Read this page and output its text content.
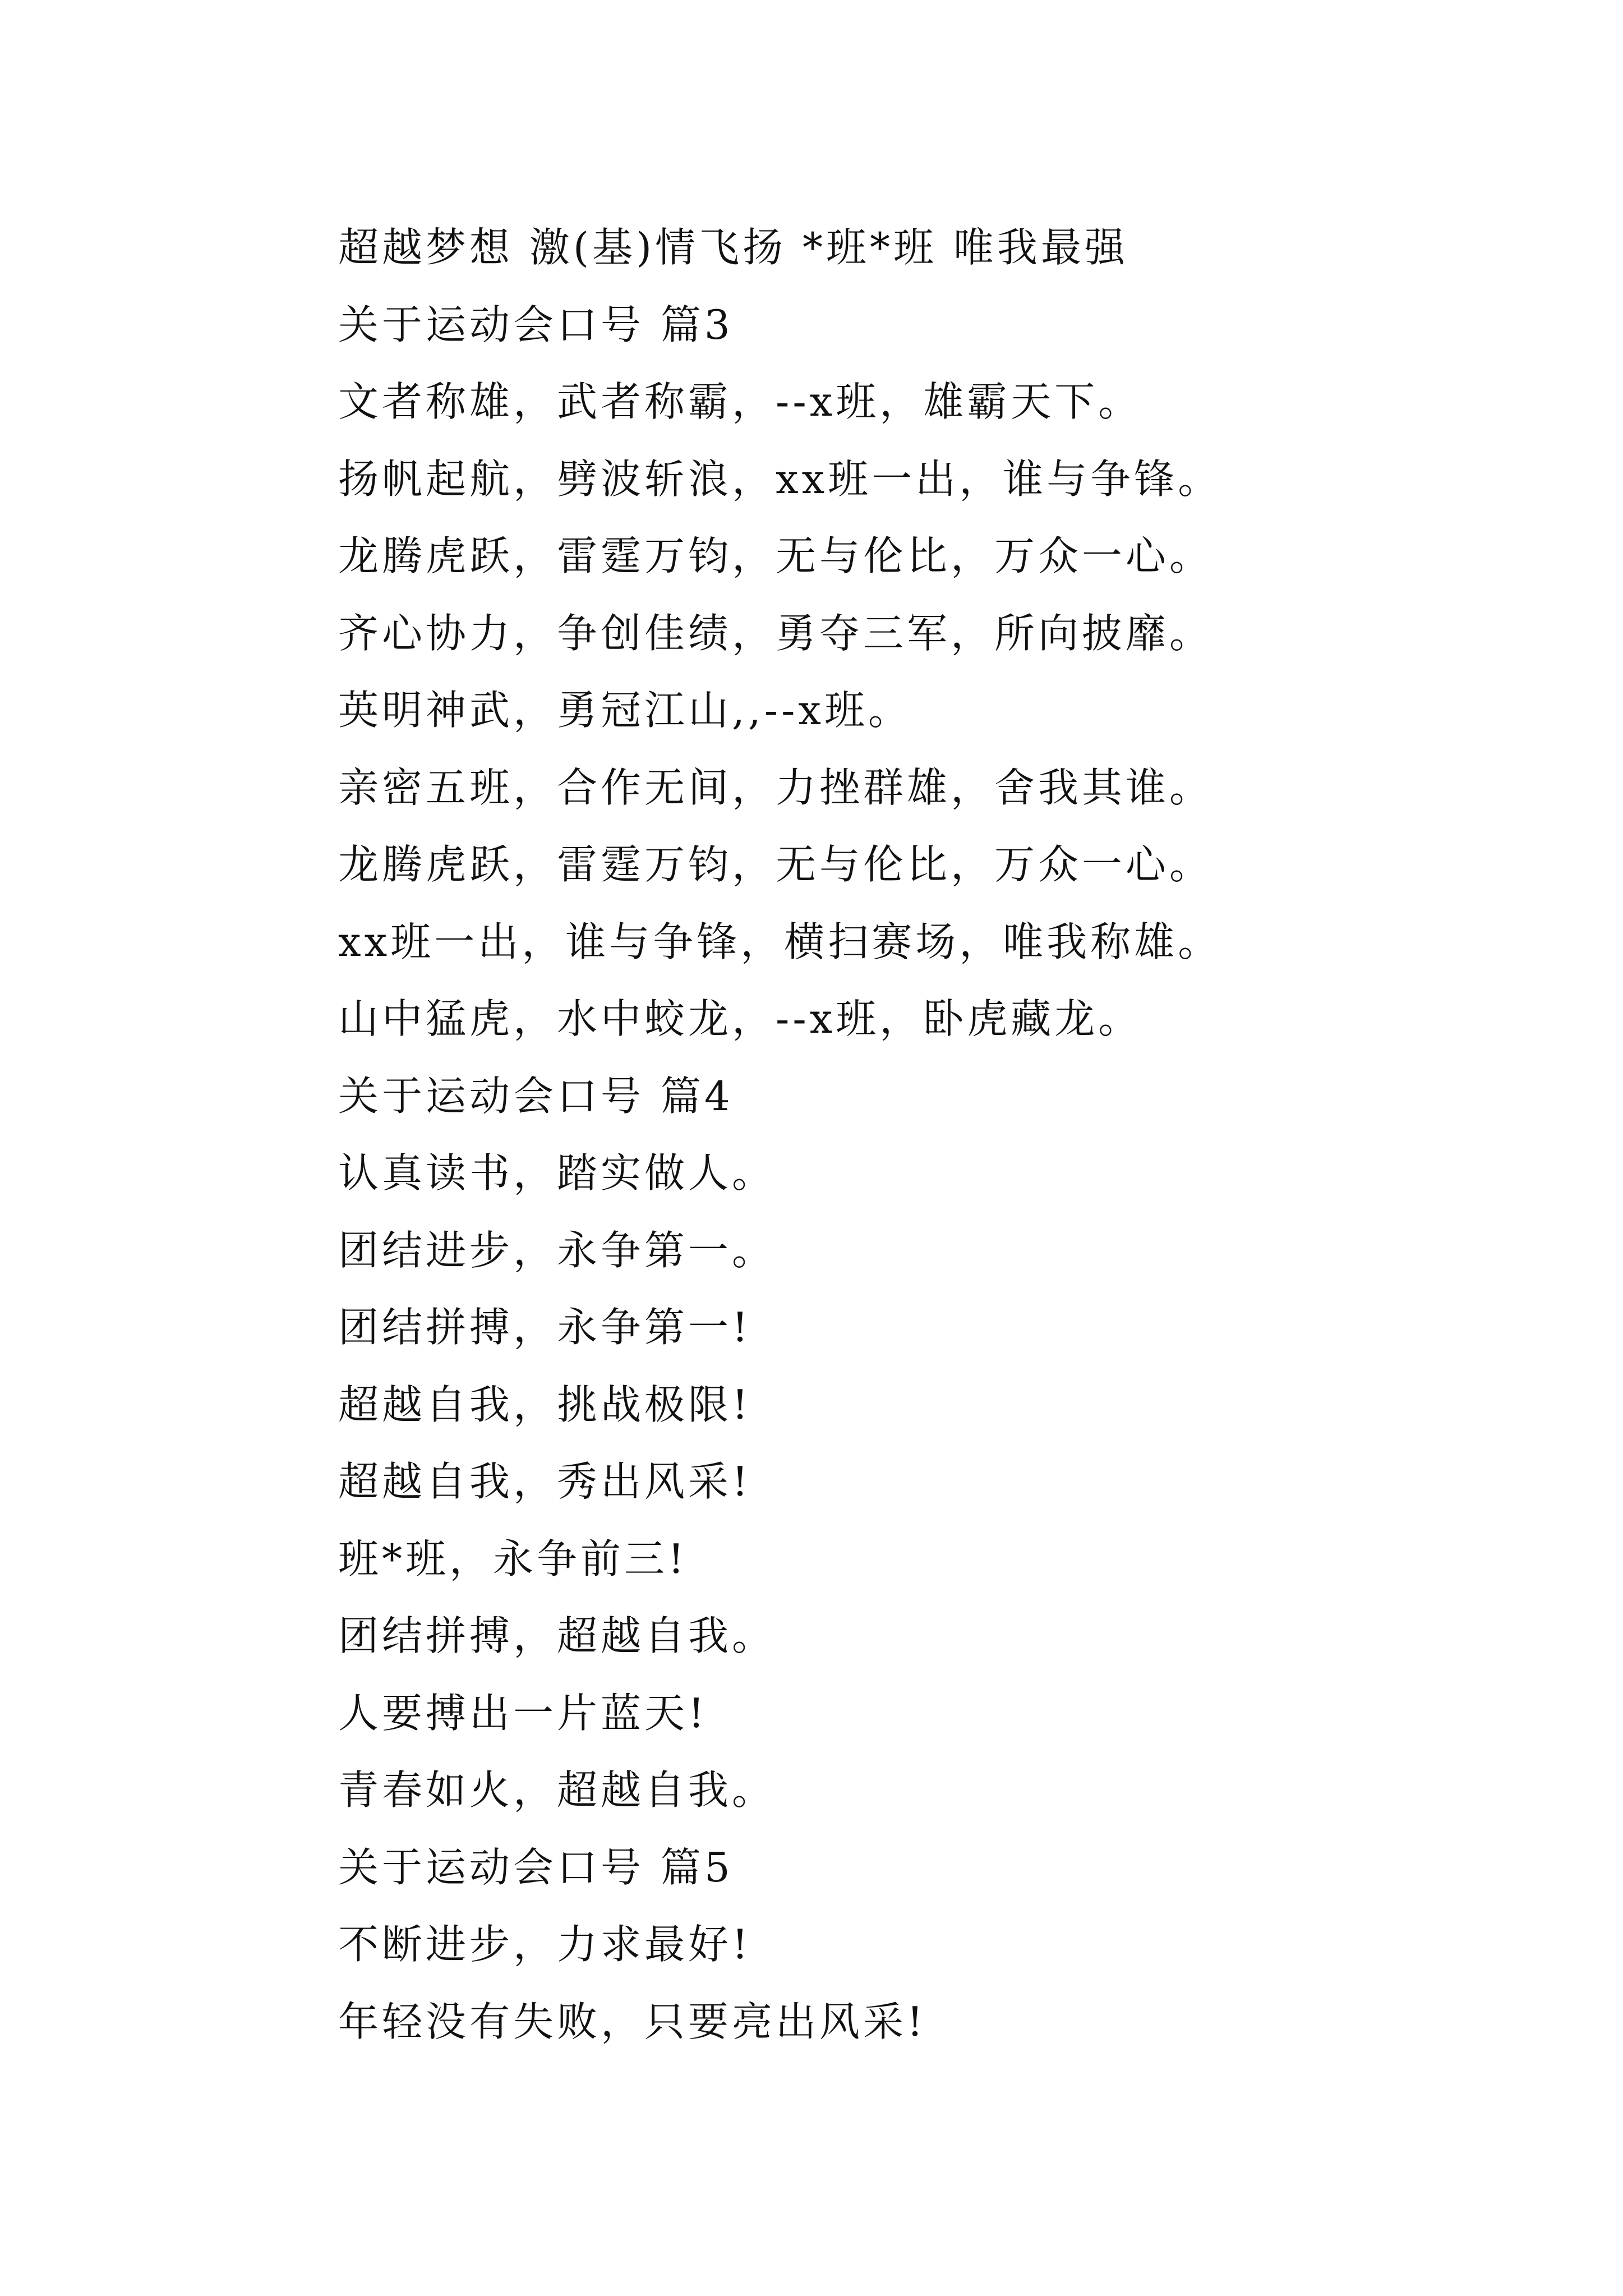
超越梦想 激(基)情飞扬 *班*班 唯我最强
关于运动会口号 篇3
文者称雄，武者称霸，--x班，雄霸天下。
扬帆起航，劈波斩浪，xx班一出，谁与争锋。
龙腾虎跃，雷霆万钧，无与伦比，万众一心。
齐心协力，争创佳绩，勇夺三军，所向披靡。
英明神武，勇冠江山,,--x班。
亲密五班，合作无间，力挫群雄，舍我其谁。
龙腾虎跃，雷霆万钧，无与伦比，万众一心。
xx班一出，谁与争锋，横扫赛场，唯我称雄。
山中猛虎，水中蛟龙，--x班，卧虎藏龙。
关于运动会口号 篇4
认真读书，踏实做人。
团结进步，永争第一。
团结拼搏，永争第一!
超越自我，挑战极限!
超越自我，秀出风采!
班*班，永争前三!
团结拼搏，超越自我。
人要搏出一片蓝天!
青春如火，超越自我。
关于运动会口号 篇5
不断进步，力求最好!
年轻没有失败，只要亮出风采!
